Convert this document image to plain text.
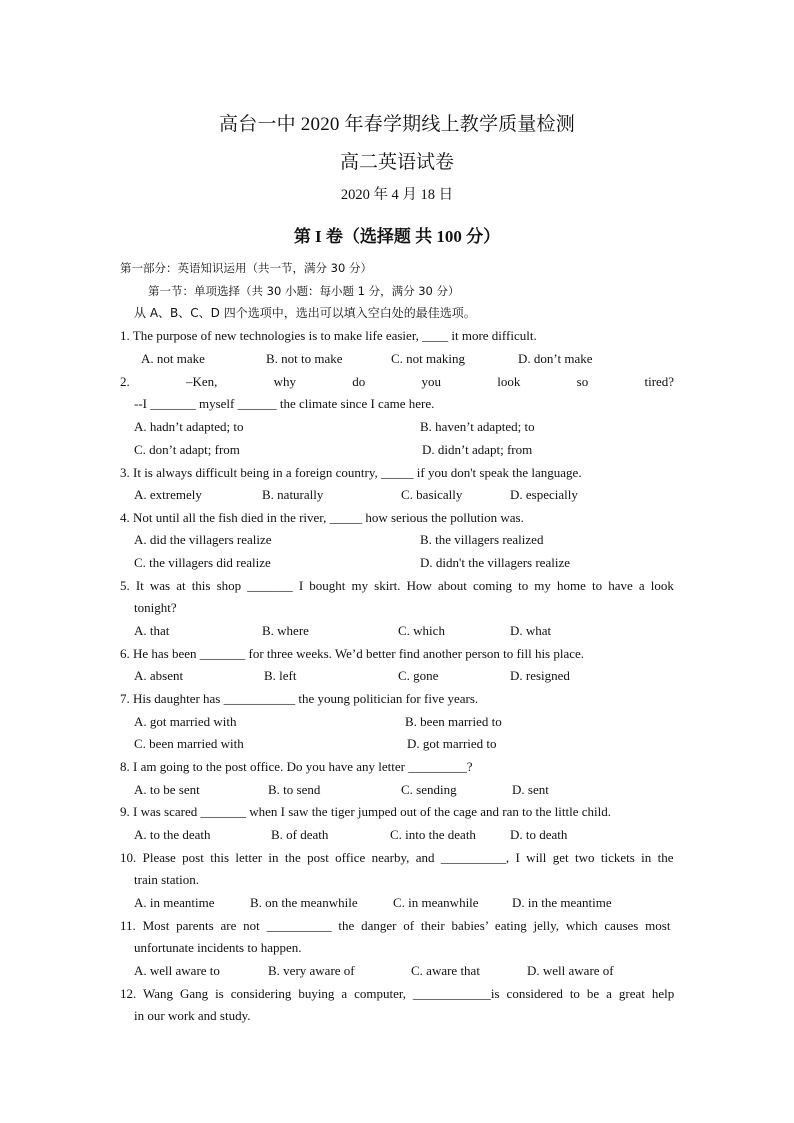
高台一中 2020 年春学期线上教学质量检测
高二英语试卷
2020 年 4 月 18 日
第 I 卷（选择题 共 100 分）
第一部分：英语知识运用（共一节，满分 30 分）
第一节：单项选择（共 30 小题：每小题 1 分，满分 30 分）
从 A、B、C、D 四个选项中，选出可以填入空白处的最佳选项。
1. The purpose of new technologies is to make life easier, ____ it more difficult.
A. not make	B. not to make	C. not making	D. don’t make
2. –Ken, why do you look so tired?
--I _______ myself ______ the climate since I came here.
A. hadn’t adapted; to	B. haven’t adapted; to
C. don’t adapt; from	D. didn’t adapt; from
3. It is always difficult being in a foreign country, _____ if you don't speak the language.
A. extremely	B. naturally	C. basically	D. especially
4. Not until all the fish died in the river, _____ how serious the pollution was.
A. did the villagers realize	B. the villagers realized
C. the villagers did realize	D. didn't the villagers realize
5. It was at this shop _______ I bought my skirt. How about coming to my home to have a look
tonight?
A. that	B. where	C. which	D. what
6. He has been _______ for three weeks. We’d better find another person to fill his place.
A. absent	B. left	C. gone	D. resigned
7. His daughter has ___________ the young politician for five years.
A. got married with	B. been married to
C. been married with	D. got married to
8. I am going to the post office. Do you have any letter _________?
A. to be sent	B. to send	C. sending	D. sent
9. I was scared _______ when I saw the tiger jumped out of the cage and ran to the little child.
A. to the death	B. of death	C. into the death	D. to death
10. Please post this letter in the post office nearby, and __________, I will get two tickets in the
train station.
A. in meantime	B. on the meanwhile	C. in meanwhile	D. in the meantime
11. Most parents are not __________ the danger of their babies’ eating jelly, which causes most
unfortunate incidents to happen.
A. well aware to	B. very aware of	C. aware that	D. well aware of
12. Wang Gang is considering buying a computer, ____________is considered to be a great help
in our work and study.
